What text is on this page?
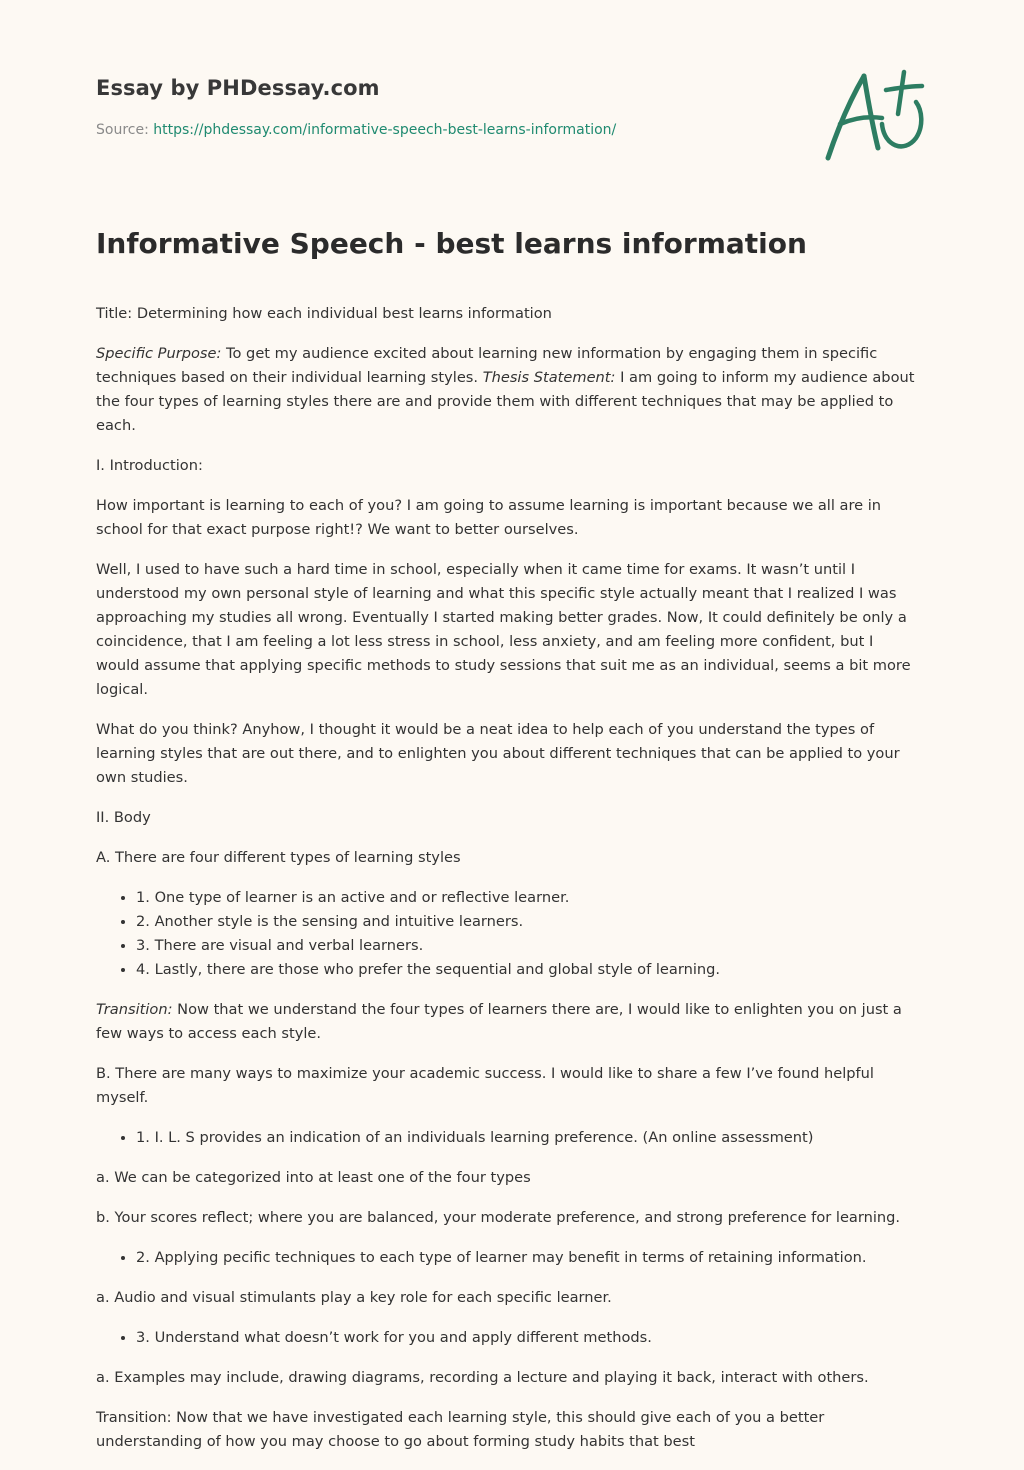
Essay by PHDessay.com
Source: https://phdessay.com/informative-speech-best-learns-information/
Informative Speech - best learns information

Title: Determining how each individual best learns information

Specific Purpose: To get my audience excited about learning new information by engaging them in specific techniques based on their individual learning styles. Thesis Statement: I am going to inform my audience about the four types of learning styles there are and provide them with different techniques that may be applied to each.

I. Introduction:

How important is learning to each of you? I am going to assume learning is important because we all are in school for that exact purpose right!? We want to better ourselves.

Well, I used to have such a hard time in school, especially when it came time for exams. It wasn’t until I understood my own personal style of learning and what this specific style actually meant that I realized I was approaching my studies all wrong. Eventually I started making better grades. Now, It could definitely be only a coincidence, that I am feeling a lot less stress in school, less anxiety, and am feeling more confident, but I would assume that applying specific methods to study sessions that suit me as an individual, seems a bit more logical.

What do you think? Anyhow, I thought it would be a neat idea to help each of you understand the types of learning styles that are out there, and to enlighten you about different techniques that can be applied to your own studies.

II. Body

A. There are four different types of learning styles

• 1. One type of learner is an active and or reflective learner.
• 2. Another style is the sensing and intuitive learners.
• 3. There are visual and verbal learners.
• 4. Lastly, there are those who prefer the sequential and global style of learning.

Transition: Now that we understand the four types of learners there are, I would like to enlighten you on just a few ways to access each style.

B. There are many ways to maximize your academic success. I would like to share a few I’ve found helpful myself.

• 1. I. L. S provides an indication of an individuals learning preference. (An online assessment)

a. We can be categorized into at least one of the four types

b. Your scores reflect; where you are balanced, your moderate preference, and strong preference for learning.

• 2. Applying pecific techniques to each type of learner may benefit in terms of retaining information.

a. Audio and visual stimulants play a key role for each specific learner.

• 3. Understand what doesn’t work for you and apply different methods.

a. Examples may include, drawing diagrams, recording a lecture and playing it back, interact with others.

Transition: Now that we have investigated each learning style, this should give each of you a better understanding of how you may choose to go about forming study habits that best
